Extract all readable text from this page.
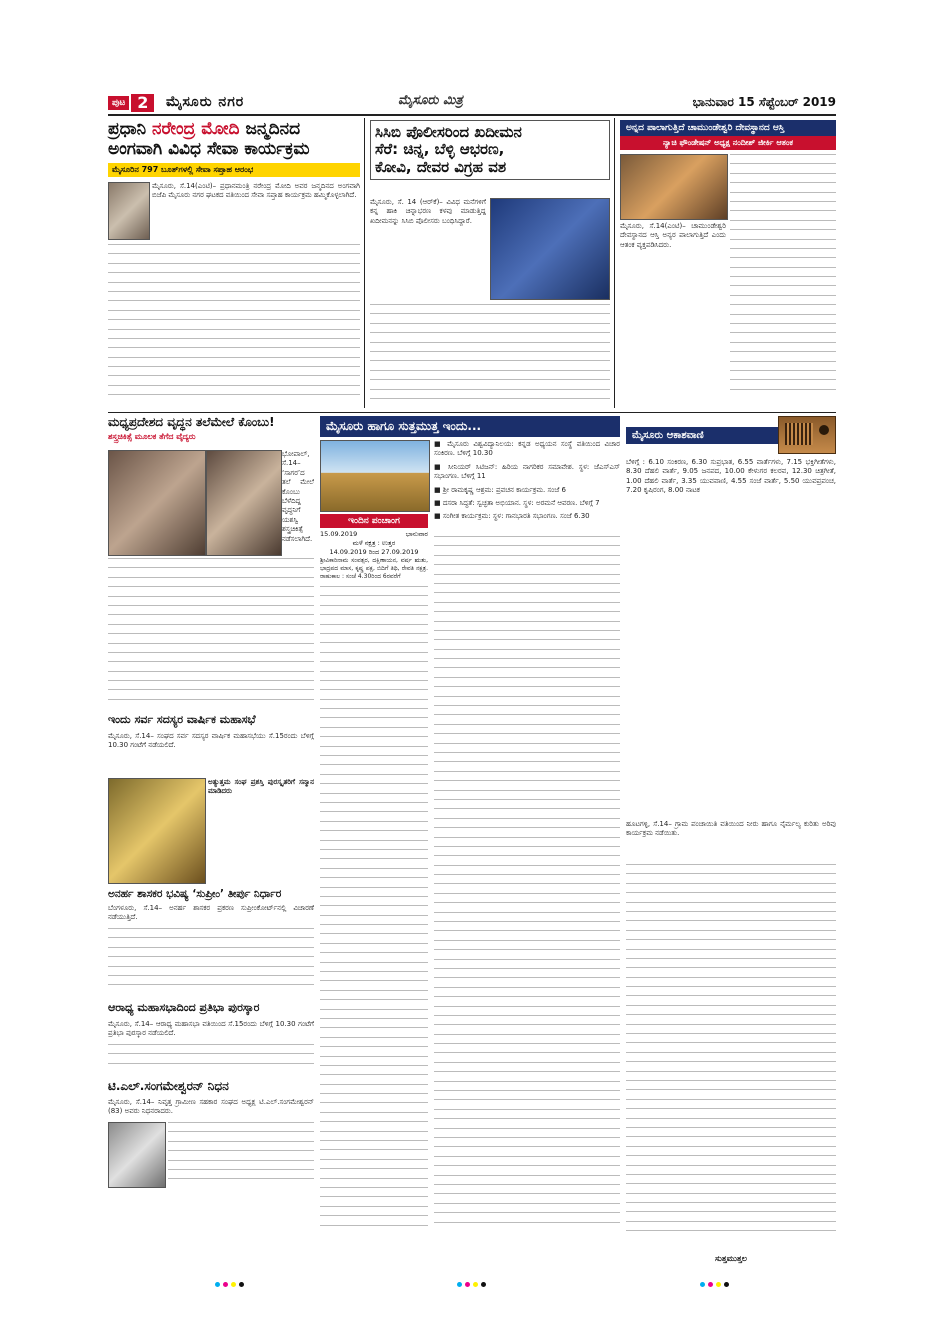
ಪುಟ 2	ಮೈಸೂರು ನಗರ	ಮೈಸೂರು ಮಿತ್ರ	ಭಾನುವಾರ 15 ಸೆಪ್ಟೆಂಬರ್ 2019
ಪ್ರಧಾನಿ ನರೇಂದ್ರ ಮೋದಿ ಜನ್ಮದಿನದ
ಅಂಗವಾಗಿ ವಿವಿಧ ಸೇವಾ ಕಾರ್ಯಕ್ರಮ
ಮೈಸೂರಿನ 797 ಬೂತ್‌ಗಳಲ್ಲಿ ಸೇವಾ ಸಪ್ತಾಹ ಆರಂಭ
ಮೈಸೂರು, ಸೆ.14(ಎಂಟಿ)– ಪ್ರಧಾನಮಂತ್ರಿ ನರೇಂದ್ರ ಮೋದಿ ಅವರ ಜನ್ಮದಿನದ ಅಂಗವಾಗಿ ಬಿಜೆಪಿ ಮೈಸೂರು ನಗರ ಘಟಕದ ವತಿಯಿಂದ ಸೇವಾ ಸಪ್ತಾಹ ಕಾರ್ಯಕ್ರಮ ಹಮ್ಮಿಕೊಳ್ಳಲಾಗಿದೆ.
ಸಿಸಿಬಿ ಪೊಲೀಸರಿಂದ ಖದೀಮನ
ಸೆರೆ: ಚಿನ್ನ, ಬೆಳ್ಳಿ ಆಭರಣ,
ಕೋವಿ, ದೇವರ ವಿಗ್ರಹ ವಶ
ಮೈಸೂರು, ಸೆ. 14 (ಆರ್‌ಕೆ)– ವಿವಿಧ ಮನೆಗಳಿಗೆ ಕನ್ನ ಹಾಕಿ ಚಿನ್ನಾಭರಣ ಕಳವು ಮಾಡುತ್ತಿದ್ದ ಖದೀಮನನ್ನು ಸಿಸಿಬಿ ಪೊಲೀಸರು ಬಂಧಿಸಿದ್ದಾರೆ.
ಅನ್ನದ ಪಾಲಾಗುತ್ತಿದೆ ಚಾಮುಂಡೇಶ್ವರಿ ದೇವಸ್ಥಾನದ ಆಸ್ತಿ
ನ್ಯಾಚಿ ಫೌಂಡೇಷನ್ ಅಧ್ಯಕ್ಷ ನಂದೀಶ್ ಜೀರ್ಕಿ ಆತಂಕ
ಮೈಸೂರು, ಸೆ.14(ಎಂಟಿ)– ಚಾಮುಂಡೇಶ್ವರಿ ದೇವಸ್ಥಾನದ ಆಸ್ತಿ ಅನ್ಯರ ಪಾಲಾಗುತ್ತಿದೆ ಎಂದು ಆತಂಕ ವ್ಯಕ್ತಪಡಿಸಿದರು.
ಮಧ್ಯಪ್ರದೇಶದ ವೃದ್ಧನ ತಲೆಮೇಲೆ ಕೊಂಬು!
ಶಸ್ತ್ರಚಿಕಿತ್ಸೆ ಮೂಲಕ ತೆಗೆದ ವೈದ್ಯರು
ಭೋಪಾಲ್, ಸೆ.14– ‘ಸಾಗರ’ದ ತಲೆ ಮೇಲೆ ಕೊಂಬು ಬೆಳೆದಿದ್ದ ವೃದ್ಧನಿಗೆ ಯಶಸ್ವಿ ಶಸ್ತ್ರಚಿಕಿತ್ಸೆ ನಡೆಸಲಾಗಿದೆ.
ಇಂದು ಸರ್ವ ಸದಸ್ಯರ ವಾರ್ಷಿಕ ಮಹಾಸಭೆ
ಮೈಸೂರು, ಸೆ.14– ಸಂಘದ ಸರ್ವ ಸದಸ್ಯರ ವಾರ್ಷಿಕ ಮಹಾಸಭೆಯು ಸೆ.15ರಂದು ಬೆಳಿಗ್ಗೆ 10.30 ಗಂಟೆಗೆ ನಡೆಯಲಿದೆ.
ಅತ್ಯುತ್ತಮ ಸಂಘ ಪ್ರಶಸ್ತಿ ಪುರಸ್ಕೃತರಿಗೆ ಸನ್ಮಾನ ಮಾಡಿದರು
ಅನರ್ಹ ಶಾಸಕರ ಭವಿಷ್ಯ ‘ಸುಪ್ರೀಂ’ ತೀರ್ಪು ನಿರ್ಧಾರ
ಬೆಂಗಳೂರು, ಸೆ.14– ಅನರ್ಹ ಶಾಸಕರ ಪ್ರಕರಣ ಸುಪ್ರೀಂಕೋರ್ಟ್‌ನಲ್ಲಿ ವಿಚಾರಣೆ ನಡೆಯುತ್ತಿದೆ.
ಆರಾಧ್ಯ ಮಹಾಸಭಾದಿಂದ ಪ್ರತಿಭಾ ಪುರಸ್ಕಾರ
ಮೈಸೂರು, ಸೆ.14– ಆರಾಧ್ಯ ಮಹಾಸಭಾ ವತಿಯಿಂದ ಸೆ.15ರಂದು ಬೆಳಿಗ್ಗೆ 10.30 ಗಂಟೆಗೆ ಪ್ರತಿಭಾ ಪುರಸ್ಕಾರ ನಡೆಯಲಿದೆ.
ಟಿ.ಎಲ್.ಸಂಗಮೇಶ್ವರನ್ ನಿಧನ
ಮೈಸೂರು, ಸೆ.14– ನಿವೃತ್ತ ಗ್ರಾಮೀಣ ಸಹಕಾರ ಸಂಘದ ಅಧ್ಯಕ್ಷ ಟಿ.ಎಲ್.ಸಂಗಮೇಶ್ವರನ್ (83) ಅವರು ನಿಧನರಾದರು.
ಮೈಸೂರು ಹಾಗೂ ಸುತ್ತಮುತ್ತ ಇಂದು...
ಇಂದಿನ ಪಂಚಾಂಗ
15.09.2019	ಭಾನುವಾರ
ಮಳೆ ನಕ್ಷತ್ರ : ಉತ್ತರ
14.09.2019 ರಿಂದ 27.09.2019
ಶ್ರೀವಿಕಾರಿನಾಮ ಸಂವತ್ಸರ, ದಕ್ಷಿಣಾಯನ, ವರ್ಷ ಋತು, ಭಾದ್ರಪದ ಮಾಸ, ಕೃಷ್ಣ ಪಕ್ಷ, ಬಿದಿಗೆ ತಿಥಿ, ರೇವತಿ ನಕ್ಷತ್ರ. ರಾಹುಕಾಲ : ಸಂಜೆ 4.30ರಿಂದ 6ರವರೆಗೆ
■ ಮೈಸೂರು ವಿಶ್ವವಿದ್ಯಾನಿಲಯ: ಕನ್ನಡ ಅಧ್ಯಯನ ಸಂಸ್ಥೆ ವತಿಯಿಂದ ವಿಚಾರ ಸಂಕಿರಣ. ಬೆಳಿಗ್ಗೆ 10.30
■ ಸೀನಿಯರ್ ಸಿಟಿಜನ್: ಹಿರಿಯ ನಾಗರಿಕರ ಸಮಾವೇಶ. ಸ್ಥಳ: ಜೆಎಸ್‌ಎಸ್ ಸಭಾಂಗಣ. ಬೆಳಿಗ್ಗೆ 11
■ ಶ್ರೀ ರಾಮಕೃಷ್ಣ ಆಶ್ರಮ: ಪ್ರವಚನ ಕಾರ್ಯಕ್ರಮ. ಸಂಜೆ 6
■ ದಸರಾ ಸಿದ್ಧತೆ: ಸ್ವಚ್ಛತಾ ಅಭಿಯಾನ. ಸ್ಥಳ: ಅರಮನೆ ಆವರಣ. ಬೆಳಿಗ್ಗೆ 7
■ ಸಂಗೀತ ಕಾರ್ಯಕ್ರಮ: ಸ್ಥಳ: ಗಾನಭಾರತಿ ಸಭಾಂಗಣ. ಸಂಜೆ 6.30
ಮೈಸೂರು ಆಕಾಶವಾಣಿ
ಬೆಳಿಗ್ಗೆ : 6.10 ಸಂಕಿರಣ, 6.30 ಸುಪ್ರಭಾತ, 6.55 ವಾರ್ತೆಗಳು, 7.15 ಭಕ್ತಿಗೀತೆಗಳು, 8.30 ದೆಹಲಿ ವಾರ್ತೆ, 9.05 ಜನಪದ, 10.00 ಕೇಳುಗರ ಕಲರವ, 12.30 ಚಿತ್ರಗೀತೆ, 1.00 ದೆಹಲಿ ವಾರ್ತೆ, 3.35 ಯುವವಾಣಿ, 4.55 ಸಂಜೆ ವಾರ್ತೆ, 5.50 ಯುವಪ್ರಪಂಚ, 7.20 ಕೃಷಿರಂಗ, 8.00 ನಾಟಕ
ಹೂಟಗಳ್ಳಿ, ಸೆ.14– ಗ್ರಾಮ ಪಂಚಾಯಿತಿ ವತಿಯಿಂದ ನೀರು ಹಾಗೂ ನೈರ್ಮಲ್ಯ ಕುರಿತು ಅರಿವು ಕಾರ್ಯಕ್ರಮ ನಡೆಯಿತು.
ಸುತ್ತಮುತ್ತಲ
